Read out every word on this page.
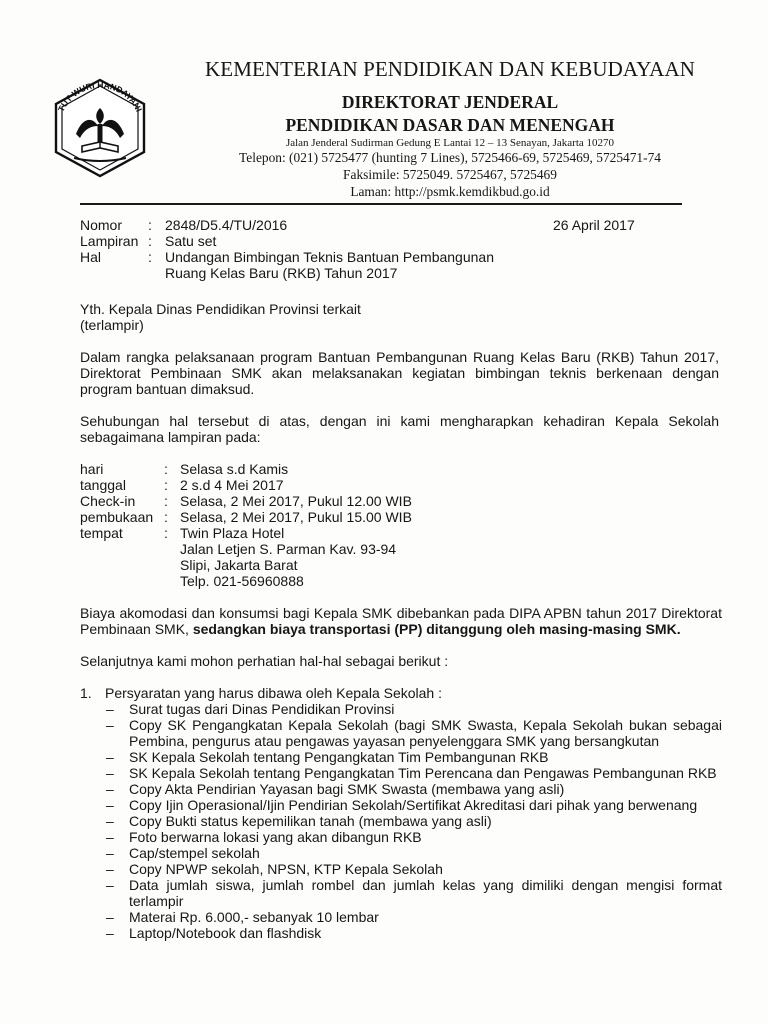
TUT WURI HANDAYANI
KEMENTERIAN PENDIDIKAN DAN KEBUDAYAAN
DIREKTORAT JENDERAL
PENDIDIKAN DASAR DAN MENENGAH
Jalan Jenderal Sudirman Gedung E Lantai 12 – 13 Senayan, Jakarta 10270
Telepon: (021) 5725477 (hunting 7 Lines), 5725466-69, 5725469, 5725471-74
Faksimile: 5725049. 5725467, 5725469
Laman: http://psmk.kemdikbud.go.id
Nomor : 2848/D5.4/TU/2016	26 April 2017
Lampiran : Satu set
Hal	: Undangan Bimbingan Teknis Bantuan Pembangunan
Ruang Kelas Baru (RKB) Tahun 2017
Yth. Kepala Dinas Pendidikan Provinsi terkait
(terlampir)
Dalam rangka pelaksanaan program Bantuan Pembangunan Ruang Kelas Baru (RKB) Tahun 2017,
Direktorat Pembinaan SMK akan melaksanakan kegiatan bimbingan teknis berkenaan dengan
program bantuan dimaksud.
Sehubungan hal tersebut di atas, dengan ini kami mengharapkan kehadiran Kepala Sekolah
sebagaimana lampiran pada:
hari	: Selasa s.d Kamis
tanggal	: 2 s.d 4 Mei 2017
Check-in : Selasa, 2 Mei 2017, Pukul 12.00 WIB
pembukaan : Selasa, 2 Mei 2017, Pukul 15.00 WIB
tempat	: Twin Plaza Hotel
Jalan Letjen S. Parman Kav. 93-94
Slipi, Jakarta Barat
Telp. 021-56960888
Biaya akomodasi dan konsumsi bagi Kepala SMK dibebankan pada DIPA APBN tahun 2017 Direktorat
Pembinaan SMK, sedangkan biaya transportasi (PP) ditanggung oleh masing-masing SMK.
Selanjutnya kami mohon perhatian hal-hal sebagai berikut :
1. Persyaratan yang harus dibawa oleh Kepala Sekolah :
– Surat tugas dari Dinas Pendidikan Provinsi
– Copy SK Pengangkatan Kepala Sekolah (bagi SMK Swasta, Kepala Sekolah bukan sebagai
Pembina, pengurus atau pengawas yayasan penyelenggara SMK yang bersangkutan
– SK Kepala Sekolah tentang Pengangkatan Tim Pembangunan RKB
– SK Kepala Sekolah tentang Pengangkatan Tim Perencana dan Pengawas Pembangunan RKB
– Copy Akta Pendirian Yayasan bagi SMK Swasta (membawa yang asli)
– Copy Ijin Operasional/Ijin Pendirian Sekolah/Sertifikat Akreditasi dari pihak yang berwenang
– Copy Bukti status kepemilikan tanah (membawa yang asli)
– Foto berwarna lokasi yang akan dibangun RKB
– Cap/stempel sekolah
– Copy NPWP sekolah, NPSN, KTP Kepala Sekolah
– Data jumlah siswa, jumlah rombel dan jumlah kelas yang dimiliki dengan mengisi format
terlampir
– Materai Rp. 6.000,- sebanyak 10 lembar
– Laptop/Notebook dan flashdisk
